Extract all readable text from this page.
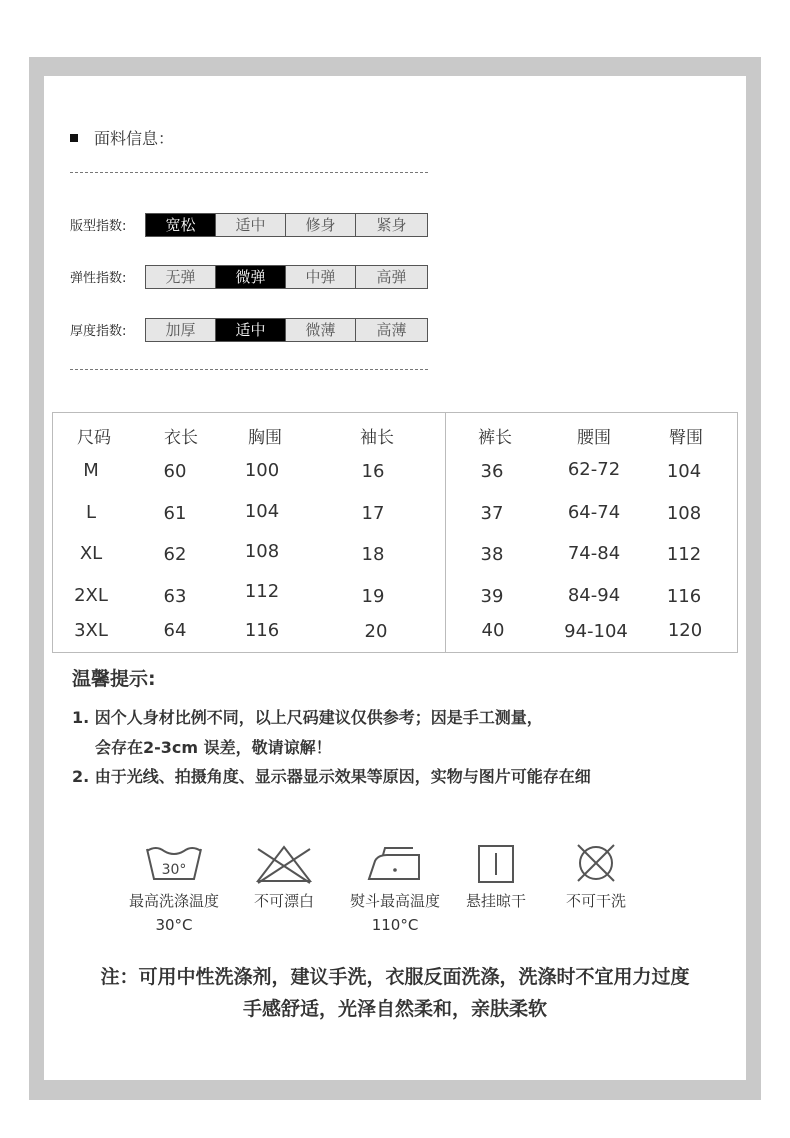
面料信息：
版型指数:	宽松	适中	修身	紧身
弹性指数:	无弹	微弹	中弹	高弹
厚度指数:	加厚	适中	微薄	高薄
尺码	衣长	胸围	袖长	裤长	腰围	臀围
M	60	100	16	36	62-72	104
L	61	104	17	37	64-74	108
XL	62	108	18	38	74-84	112
2XL	63	112	19	39	84-94	116
3XL	64	116	20	40	94-104 120
温馨提示:
1. 因个人身材比例不同，以上尺码建议仅供参考；因是手工测量，
会存在2-3cm 误差，敬请谅解！
2. 由于光线、拍摄角度、显示器显示效果等原因，实物与图片可能存在细
30°
最高洗涤温度
30°C
不可漂白 熨斗最高温度
110°C
悬挂晾干	不可干洗
注：可用中性洗涤剂，建议手洗，衣服反面洗涤，洗涤时不宜用力过度
手感舒适，光泽自然柔和，亲肤柔软
